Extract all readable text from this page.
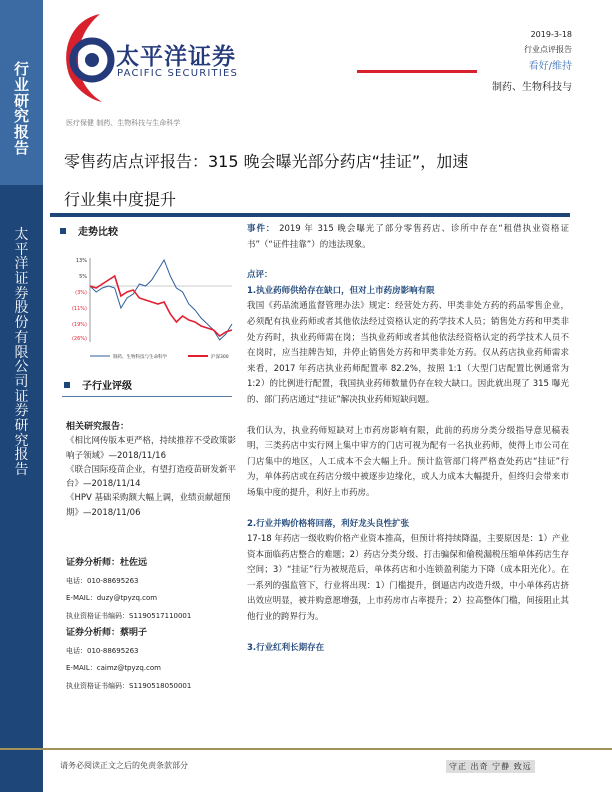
行
业
研
究
报
告
太
平
洋
证
券
股
份
有
限
公
司
证
券
研
究
报
告
太平洋证券
PACIFIC SECURITIES
2019-3-18
行业点评报告
看好/维持
制药、生物科技与
医疗保健 制药、生物科技与生命科学
零售药店点评报告：315 晚会曝光部分药店“挂证”，加速行业集中度提升
走势比较
13%
5%
(3%)
(11%)
(19%)
(26%)
制药、生物科技与生命科学	沪深300
子行业评级
相关研究报告：
《相比网传版本更严格，持续推荐不受政策影响子领域》—2018/11/16
《联合国际疫苗企业，有望打造疫苗研发新平台》—2018/11/14
《HPV 基础采购额大幅上调，业绩贡献超预期》—2018/11/06
证券分析师：杜佐远
电话：010-88695263
E-MAIL：duzy@tpyzq.com
执业资格证书编码：S1190517110001
证券分析师：蔡明子
电话：010-88695263
E-MAIL：caimz@tpyzq.com
执业资格证书编码：S1190518050001

事件： 2019 年 315 晚会曝光了部分零售药店、诊所中存在“租借执业资格证书”（“证件挂靠”）的违法现象。

点评：
1.执业药师供给存在缺口，但对上市药房影响有限

我国《药品流通监督管理办法》规定：经营处方药、甲类非处方药的药品零售企业，必须配有执业药师或者其他依法经过资格认定的药学技术人员；销售处方药和甲类非处方药时，执业药师需在岗；当执业药师或者其他依法经资格认定的药学技术人员不在岗时，应当挂牌告知，并停止销售处方药和甲类非处方药。仅从药店执业药师需求来看，2017 年药店执业药师配置率 82.2%，按照 1:1（大型门店配置比例通常为 1:2）的比例进行配置，我国执业药师数量仍存在较大缺口。因此就出现了 315 曝光的、部门药店通过“挂证”解决执业药师短缺问题。

我们认为，执业药师短缺对上市药房影响有限，此前的药房分类分级指导意见稿表明，三类药店中实行网上集中审方的门店可视为配有一名执业药师，使得上市公司在门店集中的地区，人工成本不会大幅上升。预计监管部门将严格查处药店“挂证”行为，单体药店或在药店分级中被逐步边缘化，或人力成本大幅提升，但终归会带来市场集中度的提升，利好上市药房。

2.行业并购价格将回落，利好龙头良性扩张

17-18 年药店一级收购价格产业资本推高，但预计将持续降温，主要原因是：1）产业资本面临药店整合的难题；2）药店分类分级、打击骗保和偷税漏税压缩单体药店生存空间；3）“挂证”行为被规范后，单体药店和小连锁盈利能力下降（成本阳光化）。在一系列的强监管下，行业将出现：1）门槛提升，倒逼店内改造升级，中小单体药店挤出效应明显，被并购意愿增强，上市药房市占率提升；2）拉高整体门槛，间接阻止其他行业的跨界行为。

3.行业红利长期存在
请务必阅读正文之后的免责条款部分	守正 出奇 宁静 致远
